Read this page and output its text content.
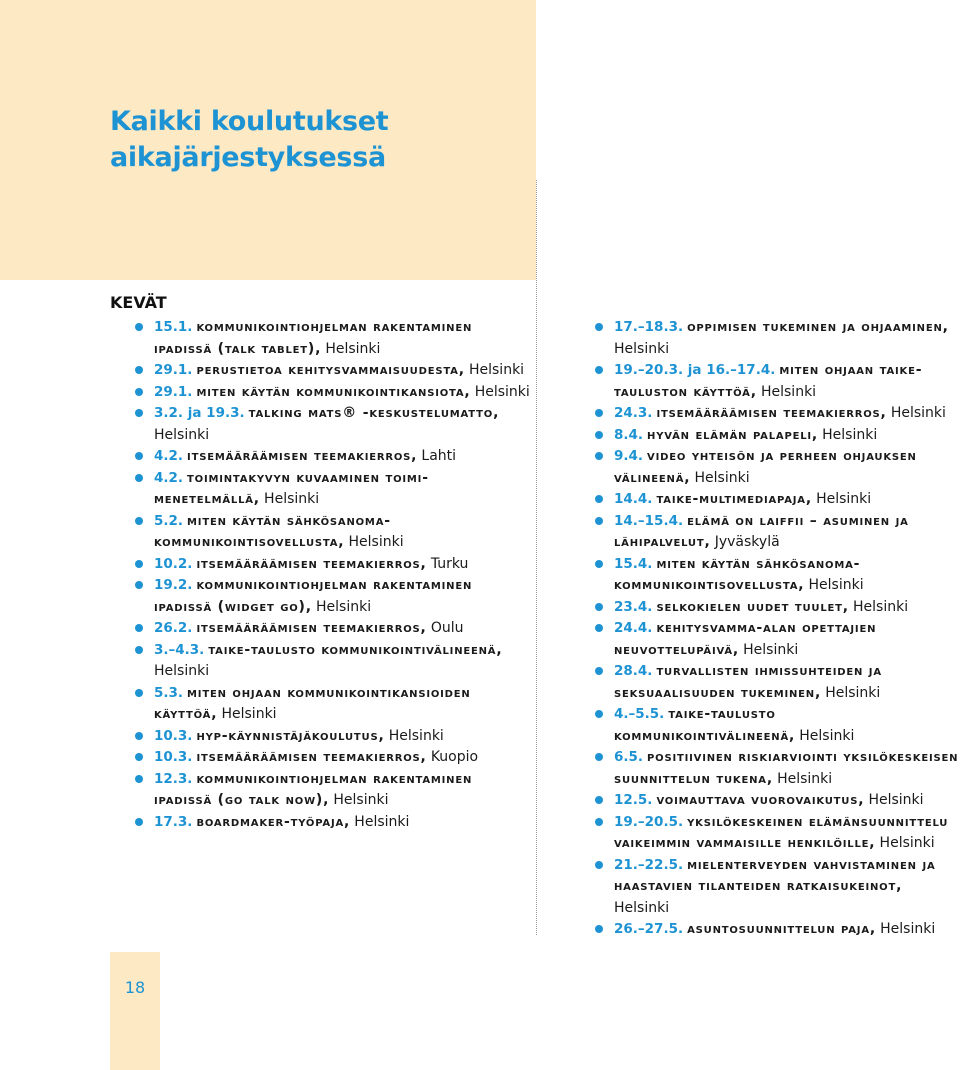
Kaikki koulutukset
aikajärjestyksessä
KEVÄT
15.1. kommunikointiohjelman rakentaminen ipadissä (talk tablet), Helsinki
29.1. perustietoa kehitysvammaisuudesta, Helsinki
29.1. miten käytän kommunikointikansiota, Helsinki
3.2. ja 19.3. talking mats® -keskustelumatto, Helsinki
4.2. itsemääräämisen teemakierros, Lahti
4.2. toimintakyvyn kuvaaminen toimi-menetelmällä, Helsinki
5.2. miten käytän sähkösanoma-kommunikointisovellusta, Helsinki
10.2. itsemääräämisen teemakierros, Turku
19.2. kommunikointiohjelman rakentaminen ipadissä (widget go), Helsinki
26.2. itsemääräämisen teemakierros, Oulu
3.–4.3. taike-taulusto kommunikointivälineenä, Helsinki
5.3. miten ohjaan kommunikointikansioiden käyttöä, Helsinki
10.3. hyp-käynnistäjäkoulutus, Helsinki
10.3. itsemääräämisen teemakierros, Kuopio
12.3. kommunikointiohjelman rakentaminen ipadissä (go talk now), Helsinki
17.3. boardmaker-työpaja, Helsinki
17.–18.3. oppimisen tukeminen ja ohjaaminen, Helsinki
19.–20.3. ja 16.–17.4. miten ohjaan taike-tauluston käyttöä, Helsinki
24.3. itsemääräämisen teemakierros, Helsinki
8.4. hyvän elämän palapeli, Helsinki
9.4. video yhteisön ja perheen ohjauksen välineenä, Helsinki
14.4. taike-multimediapaja, Helsinki
14.–15.4. elämä on laiffii – asuminen ja lähipalvelut, Jyväskylä
15.4. miten käytän sähkösanoma-kommunikointisovellusta, Helsinki
23.4. selkokielen uudet tuulet, Helsinki
24.4. kehitysvamma-alan opettajien neuvottelupäivä, Helsinki
28.4. turvallisten ihmissuhteiden ja seksuaalisuuden tukeminen, Helsinki
4.–5.5. taike-taulusto kommunikointivälineenä, Helsinki
6.5. positiivinen riskiarviointi yksilökeskeisen suunnittelun tukena, Helsinki
12.5. voimauttava vuorovaikutus, Helsinki
19.–20.5. yksilökeskeinen elämänsuunnittelu vaikeimmin vammaisille henkilöille, Helsinki
21.–22.5. mielenterveyden vahvistaminen ja haastavien tilanteiden ratkaisukeinot, Helsinki
26.–27.5. asuntosuunnittelun paja, Helsinki
18
